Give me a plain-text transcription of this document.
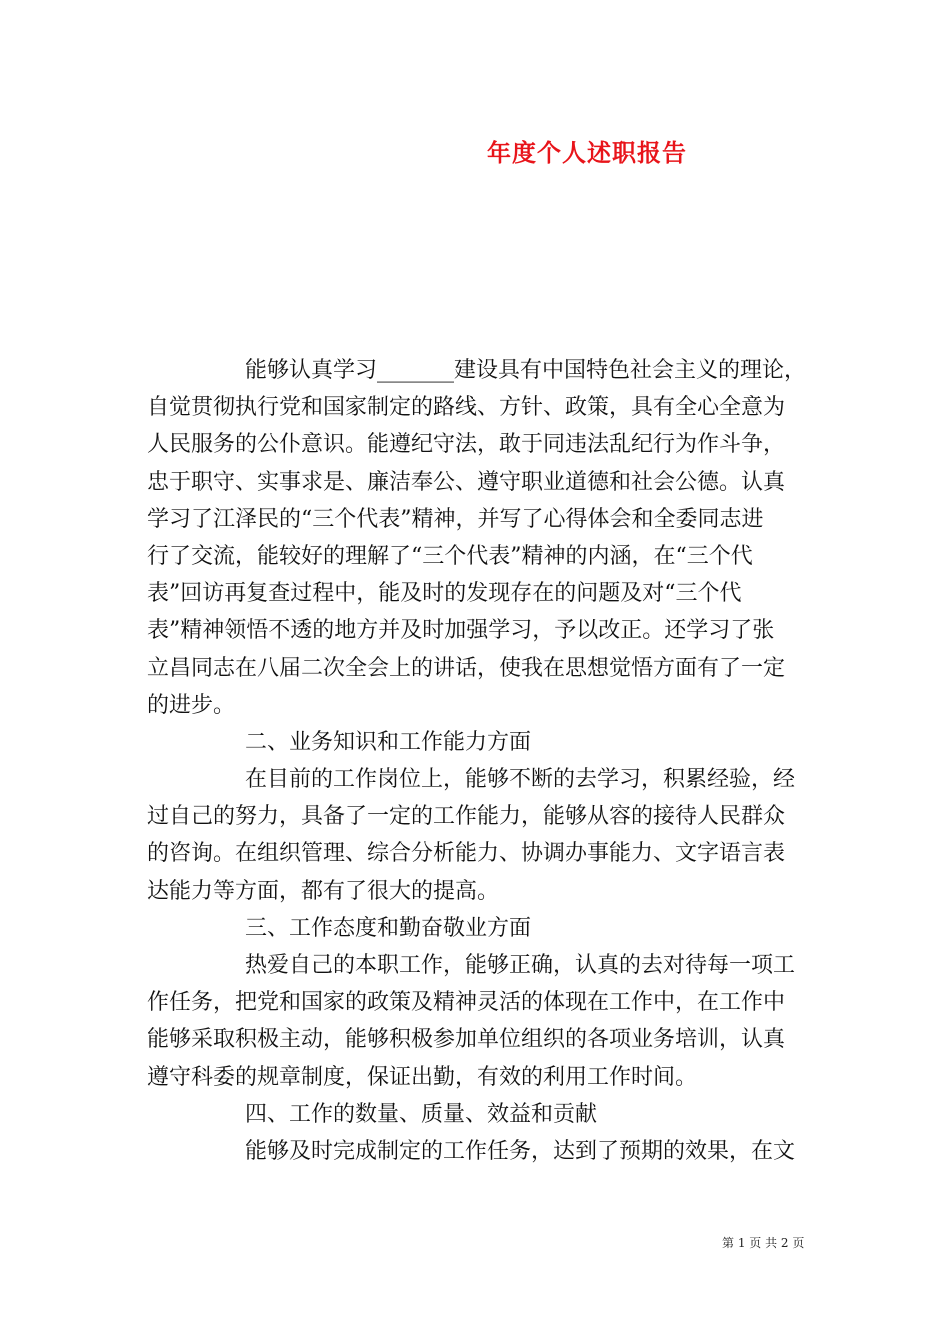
年度个人述职报告
能够认真学习_______建设具有中国特色社会主义的理论，
自觉贯彻执行党和国家制定的路线、方针、政策，具有全心全意为
人民服务的公仆意识。能遵纪守法，敢于同违法乱纪行为作斗争，
忠于职守、实事求是、廉洁奉公、遵守职业道德和社会公德。认真
学习了江泽民的“三个代表”精神，并写了心得体会和全委同志进
行了交流，能较好的理解了“三个代表”精神的内涵，在“三个代
表”回访再复查过程中，能及时的发现存在的问题及对“三个代
表”精神领悟不透的地方并及时加强学习，予以改正。还学习了张
立昌同志在八届二次全会上的讲话，使我在思想觉悟方面有了一定
的进步。
二、业务知识和工作能力方面
在目前的工作岗位上，能够不断的去学习，积累经验，经
过自己的努力，具备了一定的工作能力，能够从容的接待人民群众
的咨询。在组织管理、综合分析能力、协调办事能力、文字语言表
达能力等方面，都有了很大的提高。
三、工作态度和勤奋敬业方面
热爱自己的本职工作，能够正确，认真的去对待每一项工
作任务，把党和国家的政策及精神灵活的体现在工作中，在工作中
能够采取积极主动，能够积极参加单位组织的各项业务培训，认真
遵守科委的规章制度，保证出勤，有效的利用工作时间。
四、工作的数量、质量、效益和贡献
能够及时完成制定的工作任务，达到了预期的效果，在文
第 1 页 共 2 页
